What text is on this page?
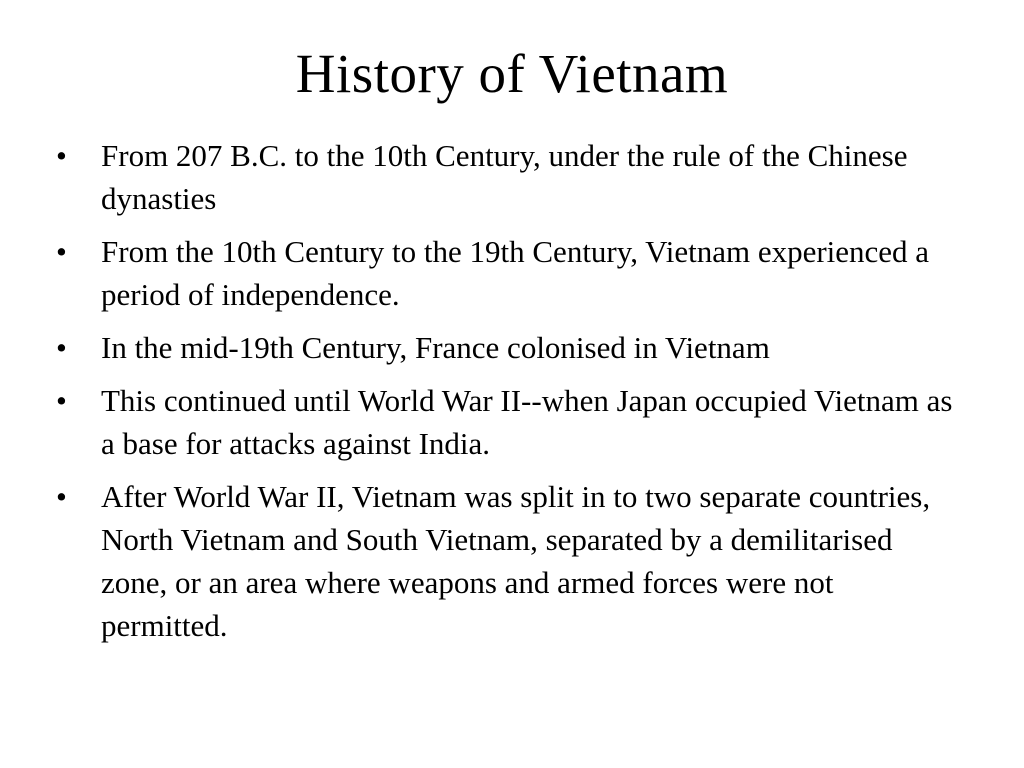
History of Vietnam
• From 207 B.C. to the 10th Century, under the rule of the Chinese dynasties
• From the 10th Century to the 19th Century, Vietnam experienced a period of independence.
• In the mid-19th Century, France colonised in Vietnam
• This continued until World War II--when Japan occupied Vietnam as a base for attacks against India.
• After World War II, Vietnam was split in to two separate countries, North Vietnam and South Vietnam, separated by a demilitarised zone, or an area where weapons and armed forces were not permitted.
